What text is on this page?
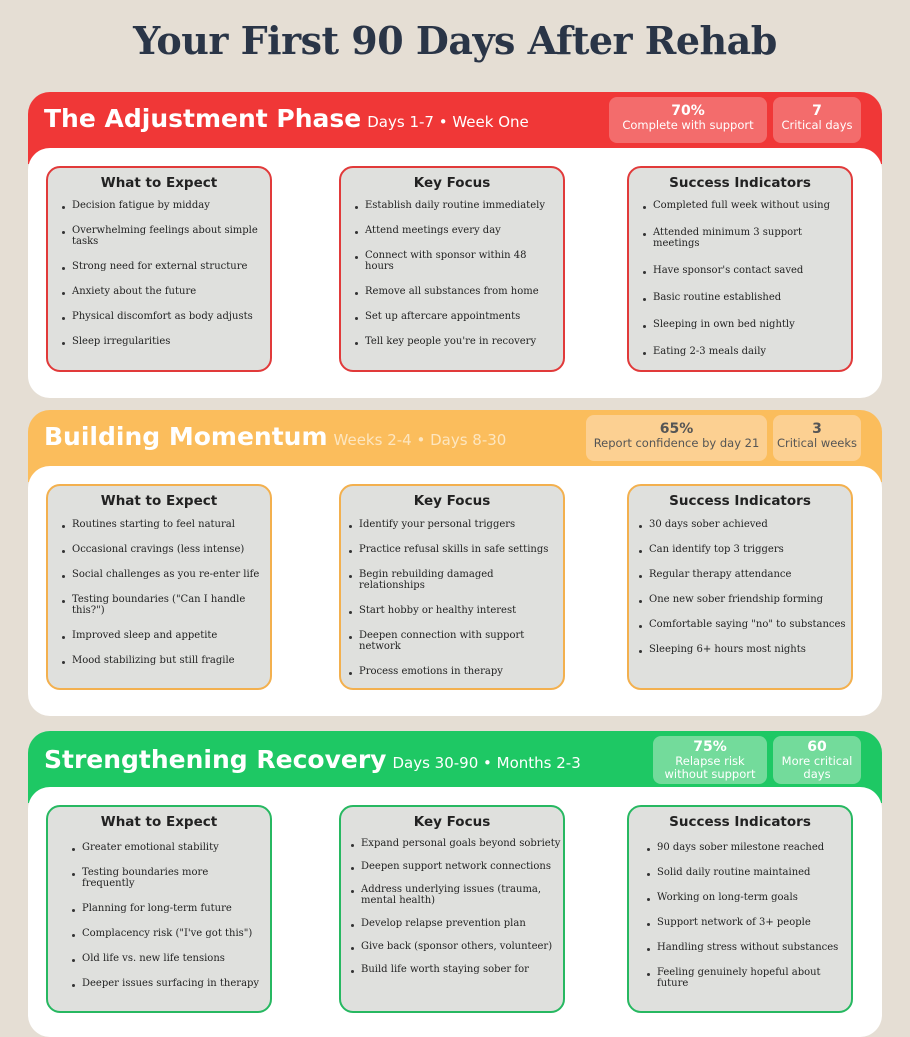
Your First 90 Days After Rehab
The Adjustment Phase Days 1-7 • Week One
70%
Complete with support
7
Critical days
What to Expect
Decision fatigue by midday
Overwhelming feelings about simple tasks
Strong need for external structure
Anxiety about the future
Physical discomfort as body adjusts
Sleep irregularities
Key Focus
Establish daily routine immediately
Attend meetings every day
Connect with sponsor within 48 hours
Remove all substances from home
Set up aftercare appointments
Tell key people you're in recovery
Success Indicators
Completed full week without using
Attended minimum 3 support meetings
Have sponsor's contact saved
Basic routine established
Sleeping in own bed nightly
Eating 2-3 meals daily
Building Momentum Weeks 2-4 • Days 8-30
65%
Report confidence by day 21
3
Critical weeks
What to Expect
Routines starting to feel natural
Occasional cravings (less intense)
Social challenges as you re-enter life
Testing boundaries ("Can I handle this?")
Improved sleep and appetite
Mood stabilizing but still fragile
Key Focus
Identify your personal triggers
Practice refusal skills in safe settings
Begin rebuilding damaged relationships
Start hobby or healthy interest
Deepen connection with support network
Process emotions in therapy
Success Indicators
30 days sober achieved
Can identify top 3 triggers
Regular therapy attendance
One new sober friendship forming
Comfortable saying "no" to substances
Sleeping 6+ hours most nights
Strengthening Recovery Days 30-90 • Months 2-3
75%
Relapse risk without support
60
More critical days
What to Expect
Greater emotional stability
Testing boundaries more frequently
Planning for long-term future
Complacency risk ("I've got this")
Old life vs. new life tensions
Deeper issues surfacing in therapy
Key Focus
Expand personal goals beyond sobriety
Deepen support network connections
Address underlying issues (trauma, mental health)
Develop relapse prevention plan
Give back (sponsor others, volunteer)
Build life worth staying sober for
Success Indicators
90 days sober milestone reached
Solid daily routine maintained
Working on long-term goals
Support network of 3+ people
Handling stress without substances
Feeling genuinely hopeful about future
